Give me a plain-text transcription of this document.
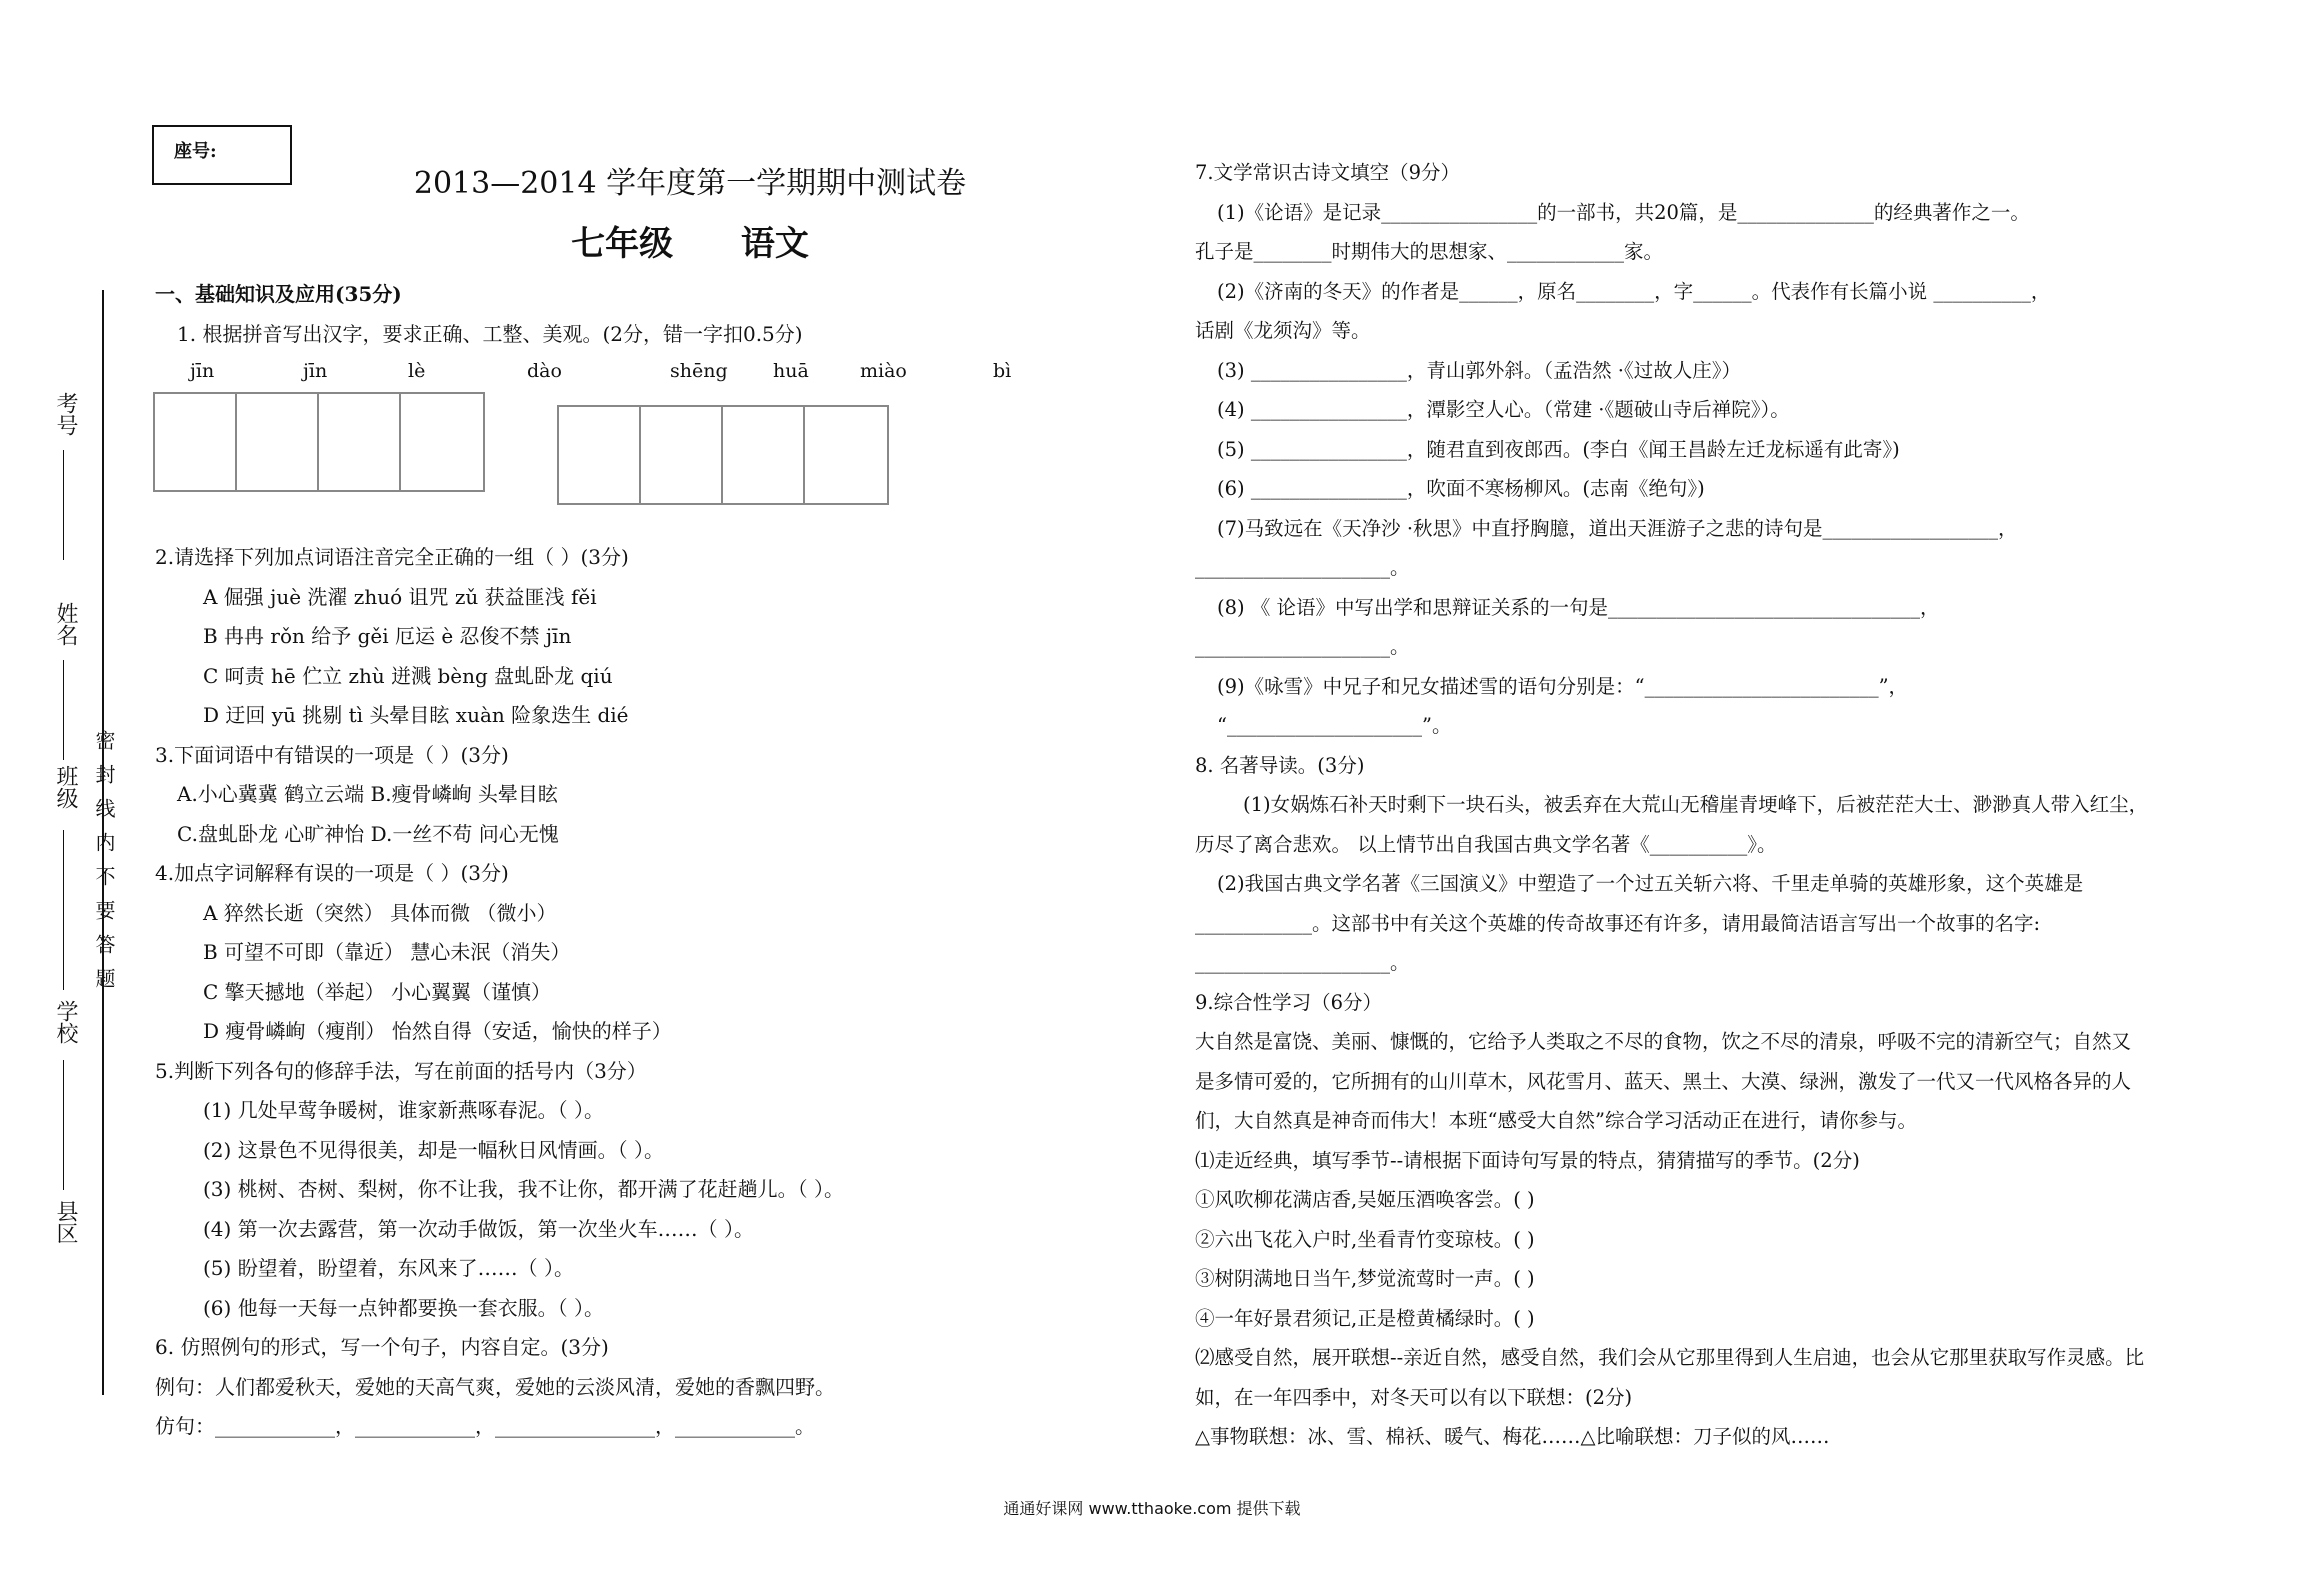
座号:
2013—2014 学年度第一学期期中测试卷
七年级 语文
考号
姓名
班级
学校
县区
密封线内不要答题
一、基础知识及应用(35分)
1. 根据拼音写出汉字，要求正确、工整、美观。(2分，错一字扣0.5分)
jīn	jīn	lè	dào	shēng huā	miào	bì
2.请选择下列加点词语注音完全正确的一组（ ）(3分)
A 倔强 juè 洗濯 zhuó 诅咒 zǔ 获益匪浅 fěi
B 冉冉 rǒn 给予 gěi 厄运 è 忍俊不禁 jīn
C 呵责 hē 伫立 zhù 迸溅 bèng 盘虬卧龙 qiú
D 迂回 yū 挑剔 tì 头晕目眩 xuàn 险象迭生 dié
3.下面词语中有错误的一项是（ ）(3分)
A.小心冀冀 鹤立云端 B.瘦骨嶙峋 头晕目眩
C.盘虬卧龙 心旷神怡 D.一丝不苟 问心无愧
4.加点字词解释有误的一项是（ ）(3分)
A 猝然长逝（突然） 具体而微 （微小）
B 可望不可即（靠近） 慧心未泯（消失）
C 擎天撼地（举起） 小心翼翼（谨慎）
D 瘦骨嶙峋（瘦削） 怡然自得（安适，愉快的样子）
5.判断下列各句的修辞手法，写在前面的括号内（3分）
(1) 几处早莺争暖树，谁家新燕啄春泥。（ ）。
(2) 这景色不见得很美，却是一幅秋日风情画。（ ）。
(3) 桃树、杏树、梨树，你不让我，我不让你，都开满了花赶趟儿。（ ）。
(4) 第一次去露营，第一次动手做饭，第一次坐火车……（ ）。
(5) 盼望着，盼望着，东风来了……（ ）。
(6) 他每一天每一点钟都要换一套衣服。（ ）。
6. 仿照例句的形式，写一个句子，内容自定。(3分)
例句：人们都爱秋天，爱她的天高气爽，爱她的云淡风清，爱她的香飘四野。
仿句：____________，____________，________________，____________。
7.文学常识古诗文填空（9分）
(1)《论语》是记录________________的一部书，共20篇，是______________的经典著作之一。
孔子是________时期伟大的思想家、____________家。
(2)《济南的冬天》的作者是______，原名________，字______。代表作有长篇小说 __________，
话剧《龙须沟》等。
(3) ________________，青山郭外斜。（孟浩然 ·《过故人庄》）
(4) ________________，潭影空人心。（常建 ·《题破山寺后禅院》）。
(5) ________________，随君直到夜郎西。(李白《闻王昌龄左迁龙标遥有此寄》)
(6) ________________，吹面不寒杨柳风。(志南《绝句》)
(7)马致远在《天净沙 ·秋思》中直抒胸臆，道出天涯游子之悲的诗句是__________________，
____________________。
(8) 《 论语》中写出学和思辩证关系的一句是________________________________，
____________________。
(9)《咏雪》中兄子和兄女描述雪的语句分别是：“________________________”，
“____________________”。
8. 名著导读。(3分)
(1)女娲炼石补天时剩下一块石头，被丢弃在大荒山无稽崖青埂峰下，后被茫茫大士、渺渺真人带入红尘，
历尽了离合悲欢。 以上情节出自我国古典文学名著《__________》。
(2)我国古典文学名著《三国演义》中塑造了一个过五关斩六将、千里走单骑的英雄形象，这个英雄是
____________。这部书中有关这个英雄的传奇故事还有许多，请用最简洁语言写出一个故事的名字:
____________________。
9.综合性学习（6分）
大自然是富饶、美丽、慷慨的，它给予人类取之不尽的食物，饮之不尽的清泉，呼吸不完的清新空气；自然又
是多情可爱的，它所拥有的山川草木，风花雪月、蓝天、黑土、大漠、绿洲，激发了一代又一代风格各异的人
们，大自然真是神奇而伟大！本班“感受大自然”综合学习活动正在进行，请你参与。
⑴走近经典，填写季节--请根据下面诗句写景的特点，猜猜描写的季节。(2分)
①风吹柳花满店香,吴姬压酒唤客尝。( )
②六出飞花入户时,坐看青竹变琼枝。( )
③树阴满地日当午,梦觉流莺时一声。( )
④一年好景君须记,正是橙黄橘绿时。( )
⑵感受自然，展开联想--亲近自然，感受自然，我们会从它那里得到人生启迪，也会从它那里获取写作灵感。比
如，在一年四季中，对冬天可以有以下联想：(2分)
△事物联想：冰、雪、棉袄、暖气、梅花……△比喻联想：刀子似的风……
通通好课网 www.tthaoke.com 提供下载
